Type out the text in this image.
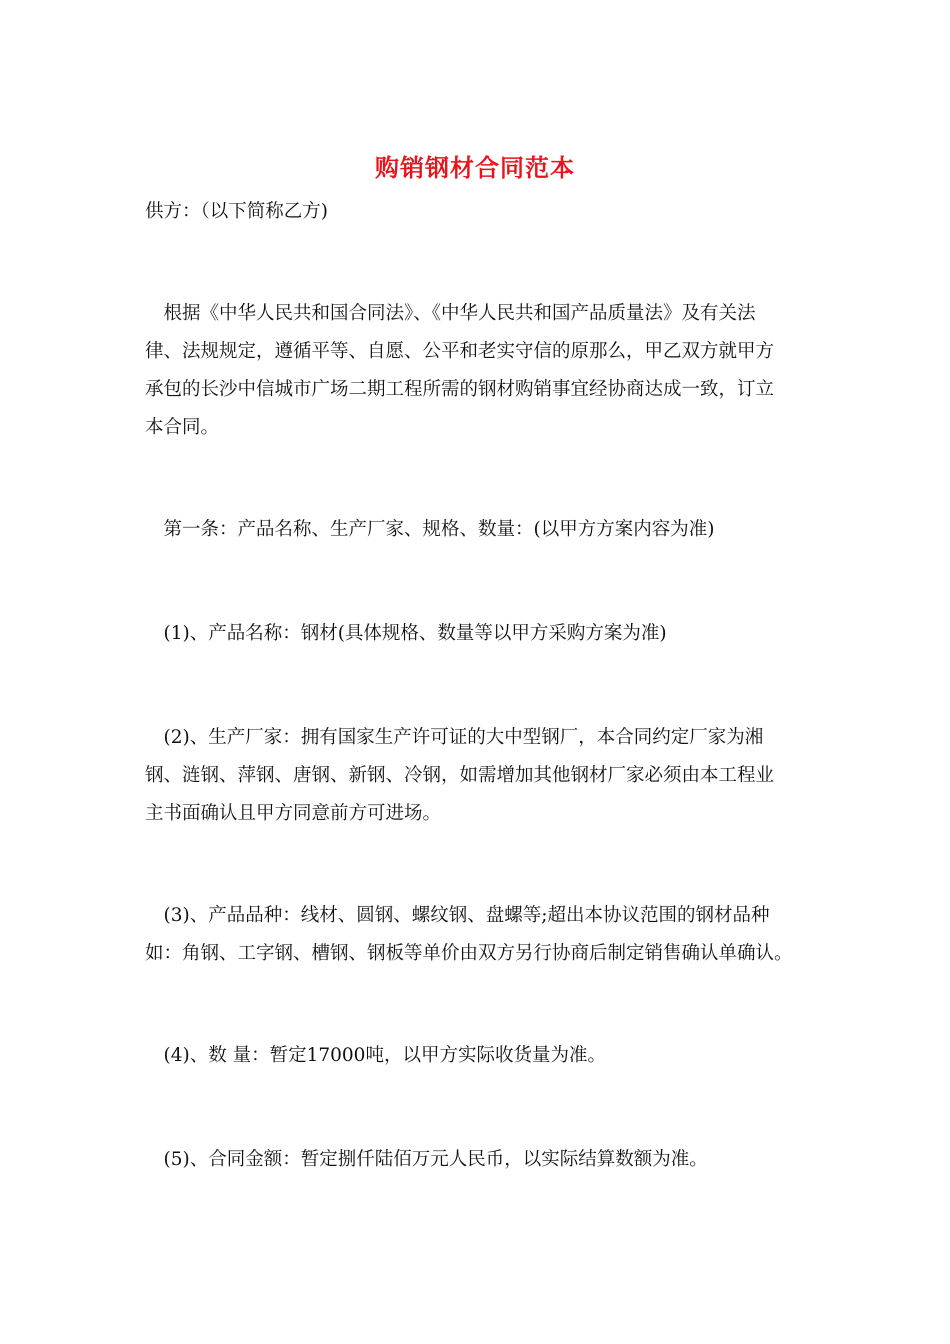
购销钢材合同范本
供方：（以下简称乙方)
　根据《中华人民共和国合同法》、《中华人民共和国产品质量法》及有关法
律、法规规定，遵循平等、自愿、公平和老实守信的原那么，甲乙双方就甲方
承包的长沙中信城市广场二期工程所需的钢材购销事宜经协商达成一致，订立
本合同。
　第一条：产品名称、生产厂家、规格、数量：(以甲方方案内容为准)
　(1)、产品名称：钢材(具体规格、数量等以甲方采购方案为准)
　(2)、生产厂家：拥有国家生产许可证的大中型钢厂，本合同约定厂家为湘
钢、涟钢、萍钢、唐钢、新钢、冷钢，如需增加其他钢材厂家必须由本工程业
主书面确认且甲方同意前方可进场。
　(3)、产品品种：线材、圆钢、螺纹钢、盘螺等;超出本协议范围的钢材品种
如：角钢、工字钢、槽钢、钢板等单价由双方另行协商后制定销售确认单确认。
　(4)、数 量：暂定17000吨，以甲方实际收货量为准。
　(5)、合同金额：暂定捌仟陆佰万元人民币，以实际结算数额为准。
